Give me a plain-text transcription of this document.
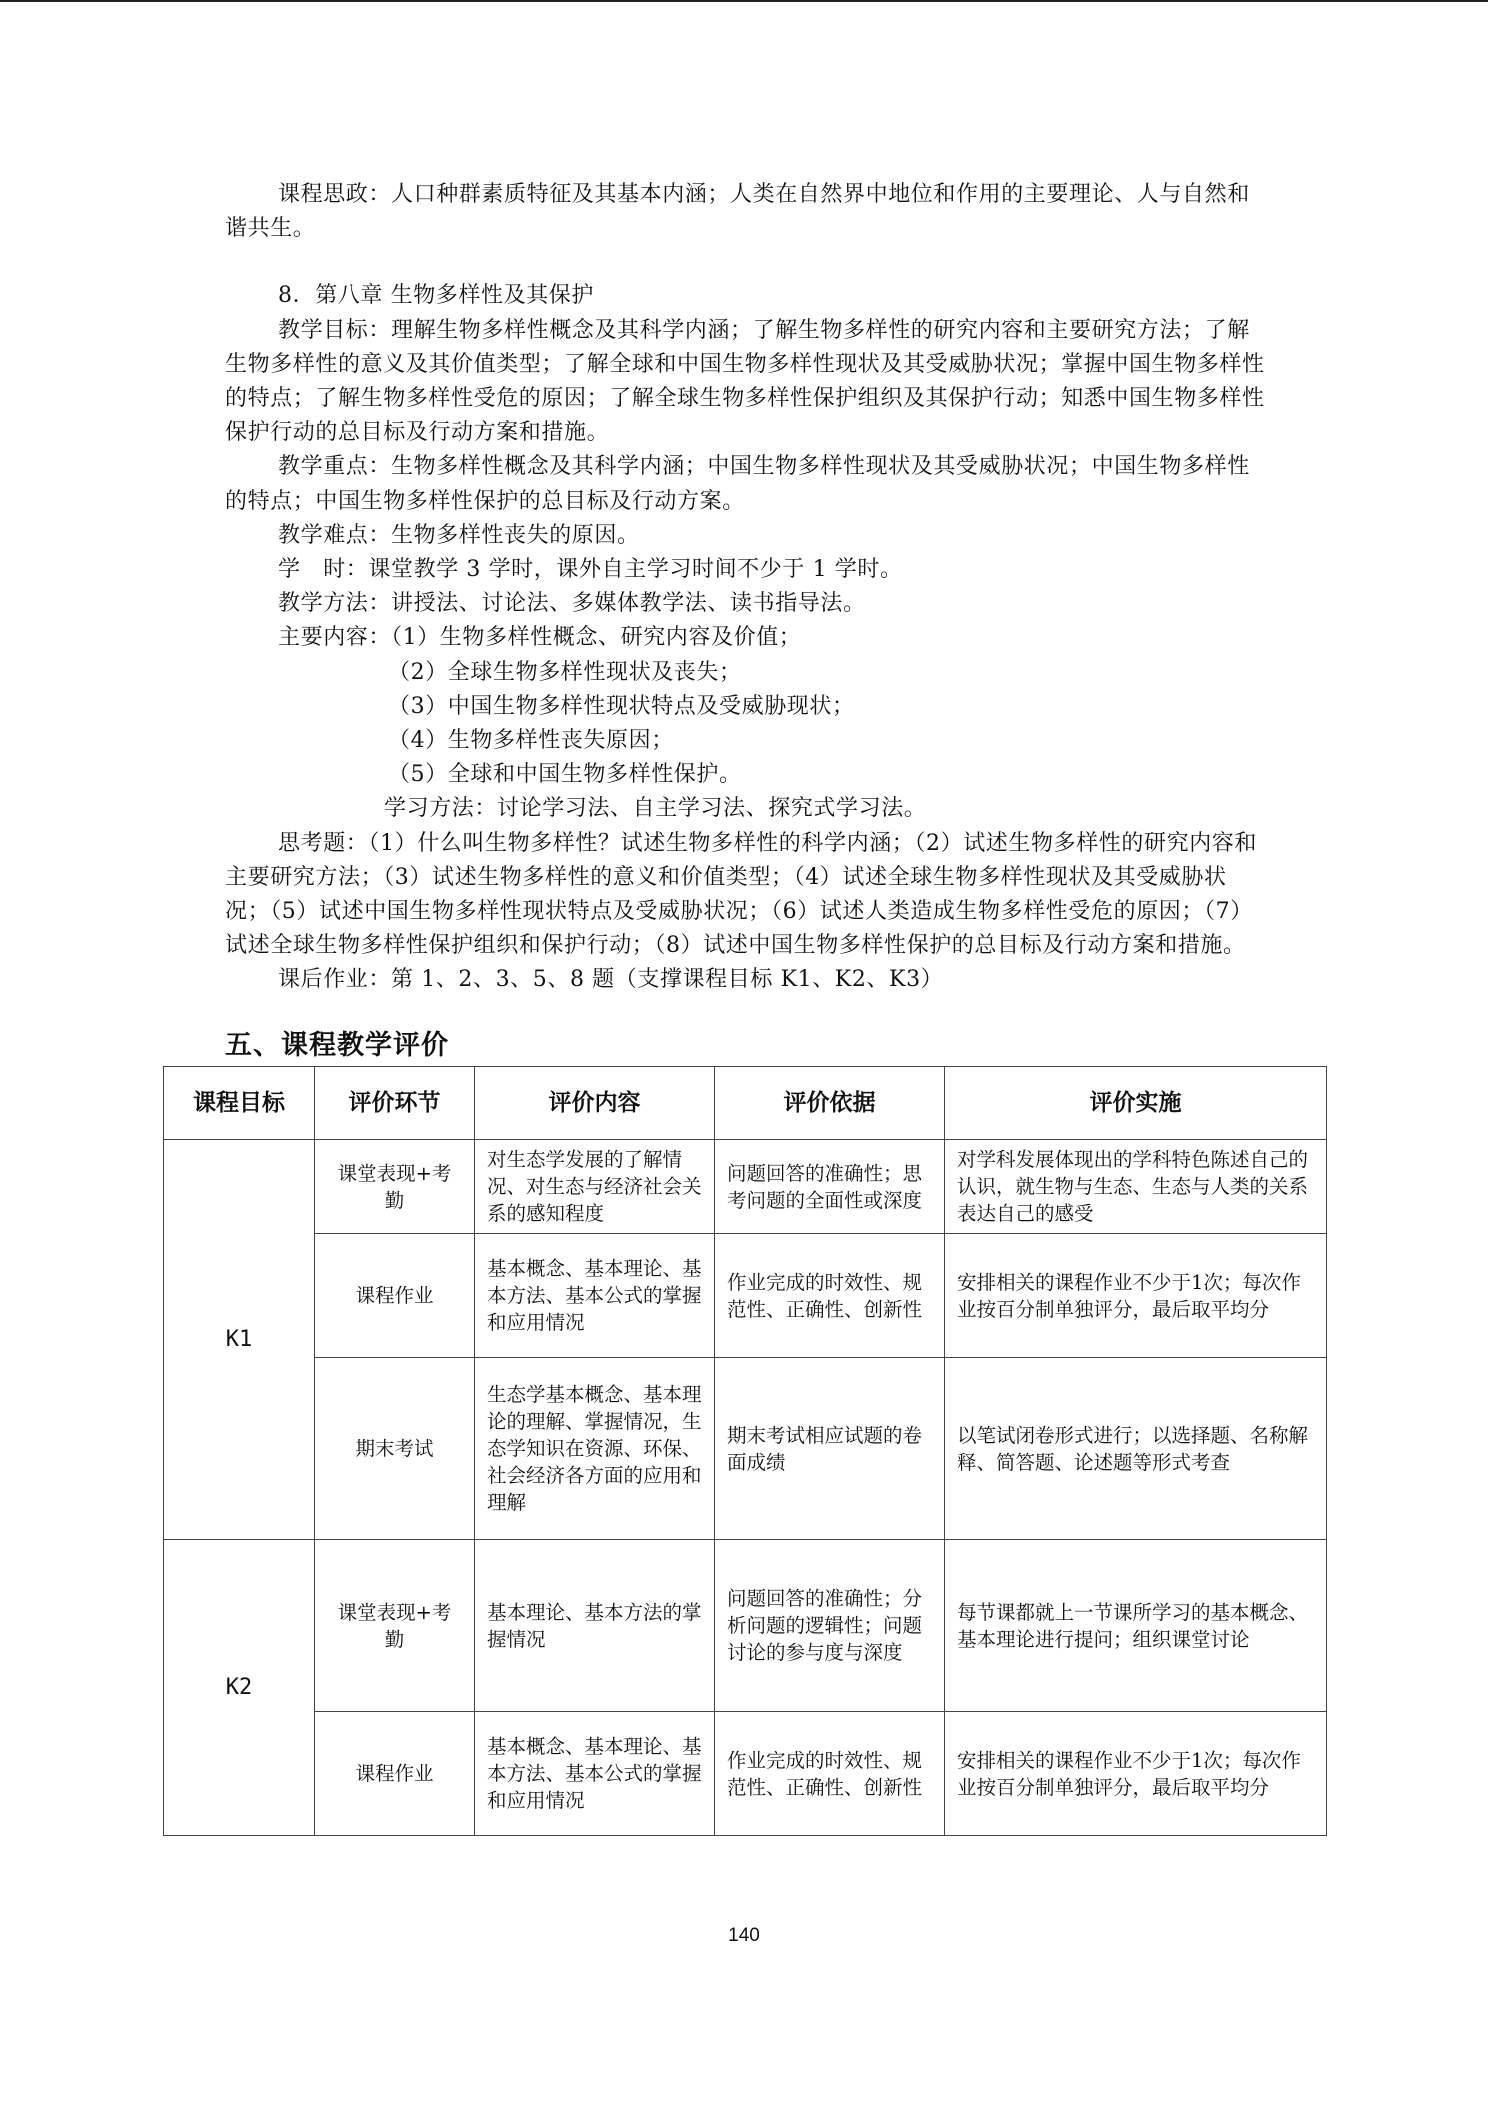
课程思政：人口种群素质特征及其基本内涵；人类在自然界中地位和作用的主要理论、人与自然和谐共生。

8．第八章 生物多样性及其保护

教学目标：理解生物多样性概念及其科学内涵；了解生物多样性的研究内容和主要研究方法；了解生物多样性的意义及其价值类型；了解全球和中国生物多样性现状及其受威胁状况；掌握中国生物多样性的特点；了解生物多样性受危的原因；了解全球生物多样性保护组织及其保护行动；知悉中国生物多样性保护行动的总目标及行动方案和措施。

教学重点：生物多样性概念及其科学内涵；中国生物多样性现状及其受威胁状况；中国生物多样性的特点；中国生物多样性保护的总目标及行动方案。

教学难点：生物多样性丧失的原因。

学　时：课堂教学 3 学时，课外自主学习时间不少于 1 学时。

教学方法：讲授法、讨论法、多媒体教学法、读书指导法。

主要内容：（1）生物多样性概念、研究内容及价值；

（2）全球生物多样性现状及丧失；

（3）中国生物多样性现状特点及受威胁现状；

（4）生物多样性丧失原因；

（5）全球和中国生物多样性保护。

学习方法：讨论学习法、自主学习法、探究式学习法。

思考题：（1）什么叫生物多样性？试述生物多样性的科学内涵；（2）试述生物多样性的研究内容和主要研究方法；（3）试述生物多样性的意义和价值类型；（4）试述全球生物多样性现状及其受威胁状况；（5）试述中国生物多样性现状特点及受威胁状况；（6）试述人类造成生物多样性受危的原因；（7）试述全球生物多样性保护组织和保护行动；（8）试述中国生物多样性保护的总目标及行动方案和措施。

课后作业：第 1、2、3、5、8 题（支撑课程目标 K1、K2、K3）

五、课程教学评价
课程目标	评价环节	评价内容	评价依据	评价实施
K1	课堂表现+考勤	对生态学发展的了解情况、对生态与经济社会关系的感知程度	问题回答的准确性；思考问题的全面性或深度	对学科发展体现出的学科特色陈述自己的认识，就生物与生态、生态与人类的关系表达自己的感受
	课程作业	基本概念、基本理论、基本方法、基本公式的掌握和应用情况	作业完成的时效性、规范性、正确性、创新性	安排相关的课程作业不少于1次；每次作业按百分制单独评分，最后取平均分
	期末考试	生态学基本概念、基本理论的理解、掌握情况，生态学知识在资源、环保、社会经济各方面的应用和理解	期末考试相应试题的卷面成绩	以笔试闭卷形式进行；以选择题、名称解释、简答题、论述题等形式考查
K2	课堂表现+考勤	基本理论、基本方法的掌握情况	问题回答的准确性；分析问题的逻辑性；问题讨论的参与度与深度	每节课都就上一节课所学习的基本概念、基本理论进行提问；组织课堂讨论
	课程作业	基本概念、基本理论、基本方法、基本公式的掌握和应用情况	作业完成的时效性、规范性、正确性、创新性	安排相关的课程作业不少于1次；每次作业按百分制单独评分，最后取平均分
140
